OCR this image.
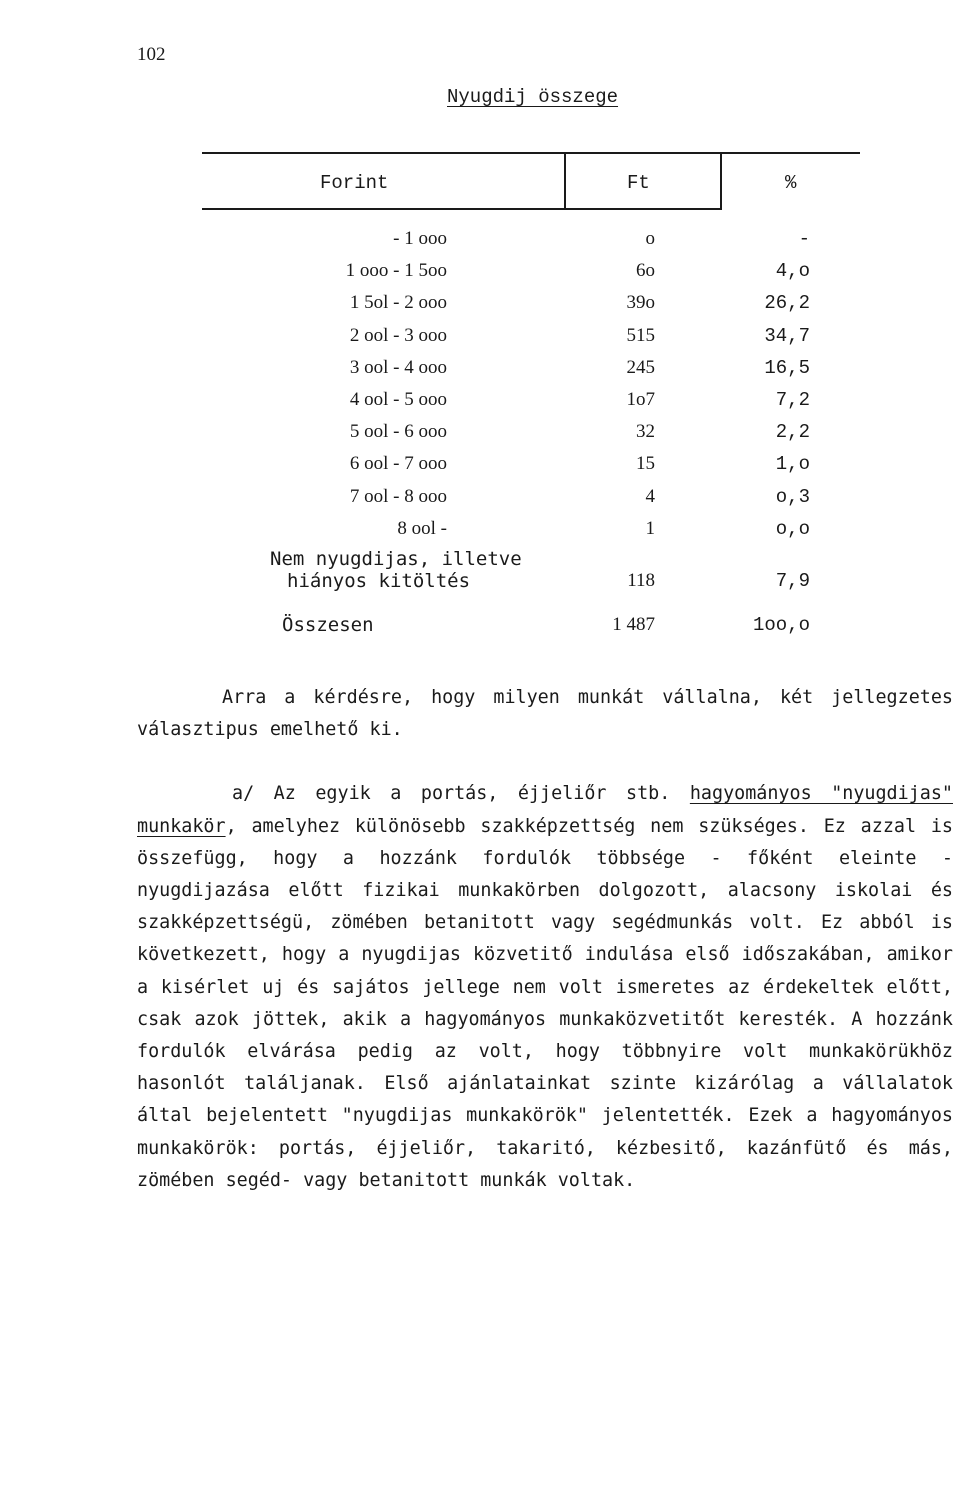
102
Nyugdij összege
Forint	Ft	%
- 1 ooo	o	-
1 ooo - 1 5oo	6o	4,o
1 5ol - 2 ooo	39o	26,2
2 ool - 3 ooo	515	34,7
3 ool - 4 ooo	245	16,5
4 ool - 5 ooo	1o7	7,2
5 ool - 6 ooo	32	2,2
6 ool - 7 ooo	15	1,o
7 ool - 8 ooo	4	o,3
8 ool -	1	o,o
Nem nyugdijas, illetve
hiányos kitöltés	118	7,9
Összesen	1 487	1oo,o

Arra a kérdésre, hogy milyen munkát vállalna, két jellegzetes választipus emelhető ki.

a/ Az egyik a portás, éjjeliőr stb. hagyományos "nyugdijas" munkakör, amelyhez különösebb szakképzettség nem szükséges. Ez azzal is összefügg, hogy a hozzánk fordulók többsége - főként eleinte - nyugdijazása előtt fizikai munkakörben dolgozott, alacsony iskolai és szakképzettségü, zömében betanitott vagy segédmunkás volt. Ez abból is következett, hogy a nyugdijas közvetitő indulása első időszakában, amikor a kisérlet uj és sajátos jellege nem volt ismeretes az érdekeltek előtt, csak azok jöttek, akik a hagyományos munkaközvetitőt keresték. A hozzánk fordulók elvárása pedig az volt, hogy többnyire volt munkakörükhöz hasonlót találjanak. Első ajánlatainkat szinte kizárólag a vállalatok által bejelentett "nyugdijas munkakörök" jelentették. Ezek a hagyományos munkakörök: portás, éjjeliőr, takaritó, kézbesitő, kazánfütő és más, zömében segéd- vagy betanitott munkák voltak.
